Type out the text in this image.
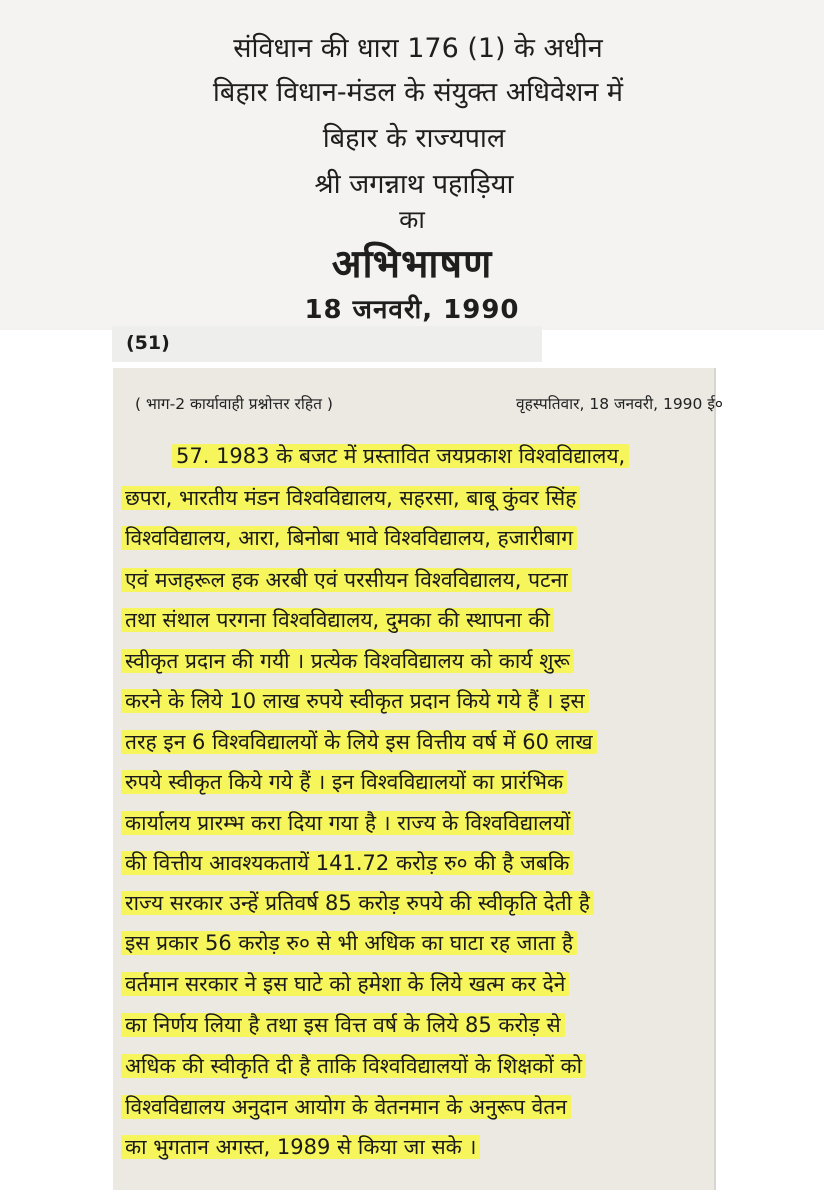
संविधान की धारा 176 (1) के अधीन
बिहार विधान-मंडल के संयुक्त अधिवेशन में
बिहार के राज्यपाल
श्री जगन्नाथ पहाड़िया
का
अभिभाषण
18 जनवरी, 1990
(51)
( भाग-2 कार्यावाही प्रश्नोत्तर रहित )	वृहस्पतिवार, 18 जनवरी, 1990 ई०
57. 1983 के बजट में प्रस्तावित जयप्रकाश विश्वविद्यालय,
छपरा, भारतीय मंडन विश्वविद्यालय, सहरसा, बाबू कुंवर सिंह
विश्वविद्यालय, आरा, बिनोबा भावे विश्वविद्यालय, हजारीबाग
एवं मजहरूल हक अरबी एवं परसीयन विश्वविद्यालय, पटना
तथा संथाल परगना विश्वविद्यालय, दुमका की स्थापना की
स्वीकृत प्रदान की गयी । प्रत्येक विश्वविद्यालय को कार्य शुरू
करने के लिये 10 लाख रुपये स्वीकृत प्रदान किये गये हैं । इस
तरह इन 6 विश्वविद्यालयों के लिये इस वित्तीय वर्ष में 60 लाख
रुपये स्वीकृत किये गये हैं । इन विश्वविद्यालयों का प्रारंभिक
कार्यालय प्रारम्भ करा दिया गया है । राज्य के विश्वविद्यालयों
की वित्तीय आवश्यकतायें 141.72 करोड़ रु० की है जबकि
राज्य सरकार उन्हें प्रतिवर्ष 85 करोड़ रुपये की स्वीकृति देती है
इस प्रकार 56 करोड़ रु० से भी अधिक का घाटा रह जाता है
वर्तमान सरकार ने इस घाटे को हमेशा के लिये खत्म कर देने
का निर्णय लिया है तथा इस वित्त वर्ष के लिये 85 करोड़ से
अधिक की स्वीकृति दी है ताकि विश्वविद्यालयों के शिक्षकों को
विश्वविद्यालय अनुदान आयोग के वेतनमान के अनुरूप वेतन
का भुगतान अगस्त, 1989 से किया जा सके ।
